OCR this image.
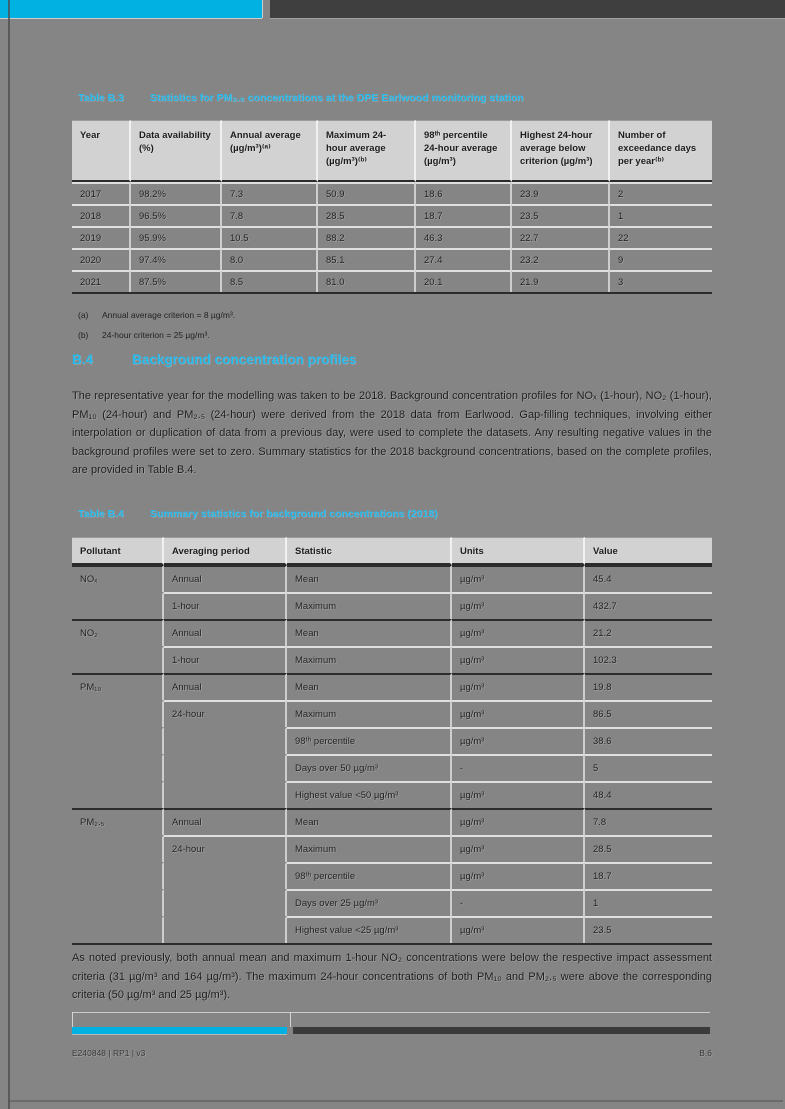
Table B.3	Statistics for PM₂.₅ concentrations at the DPE Earlwood monitoring station
Year	Data availability (%)	Annual average (µg/m³)⁽ᵃ⁾	Maximum 24-hour average (µg/m³)⁽ᵇ⁾	98ᵗʰ percentile 24-hour average (µg/m³)	Highest 24-hour average below criterion (µg/m³)	Number of exceedance days per year⁽ᵇ⁾
2017	98.2%	7.3	50.9	18.6	23.9	2
2018	96.5%	7.8	28.5	18.7	23.5	1
2019	95.9%	10.5	88.2	46.3	22.7	22
2020	97.4%	8.0	85.1	27.4	23.2	9
2021	87.5%	8.5	81.0	20.1	21.9	3
(a)	Annual average criterion = 8 µg/m³.
(b)	24-hour criterion = 25 µg/m³.
B.4	Background concentration profiles
The representative year for the modelling was taken to be 2018. Background concentration profiles for NOₓ (1-hour), NO₂ (1-hour), PM₁₀ (24-hour) and PM₂.₅ (24-hour) were derived from the 2018 data from Earlwood. Gap-filling techniques, involving either interpolation or duplication of data from a previous day, were used to complete the datasets. Any resulting negative values in the background profiles were set to zero. Summary statistics for the 2018 background concentrations, based on the complete profiles, are provided in Table B.4.
Table B.4	Summary statistics for background concentrations (2018)
Pollutant	Averaging period	Statistic	Units	Value
NOₓ	Annual	Mean	µg/m³	45.4
	1-hour	Maximum	µg/m³	432.7
NO₂	Annual	Mean	µg/m³	21.2
	1-hour	Maximum	µg/m³	102.3
PM₁₀	Annual	Mean	µg/m³	19.8
	24-hour	Maximum	µg/m³	86.5
		98ᵗʰ percentile	µg/m³	38.6
		Days over 50 µg/m³	-	5
		Highest value <50 µg/m³	µg/m³	48.4
PM₂.₅	Annual	Mean	µg/m³	7.8
	24-hour	Maximum	µg/m³	28.5
		98ᵗʰ percentile	µg/m³	18.7
		Days over 25 µg/m³	-	1
		Highest value <25 µg/m³	µg/m³	23.5
As noted previously, both annual mean and maximum 1-hour NO₂ concentrations were below the respective impact assessment criteria (31 µg/m³ and 164 µg/m³). The maximum 24-hour concentrations of both PM₁₀ and PM₂.₅ were above the corresponding criteria (50 µg/m³ and 25 µg/m³).
E240848 | RP1 | v3	B.6
